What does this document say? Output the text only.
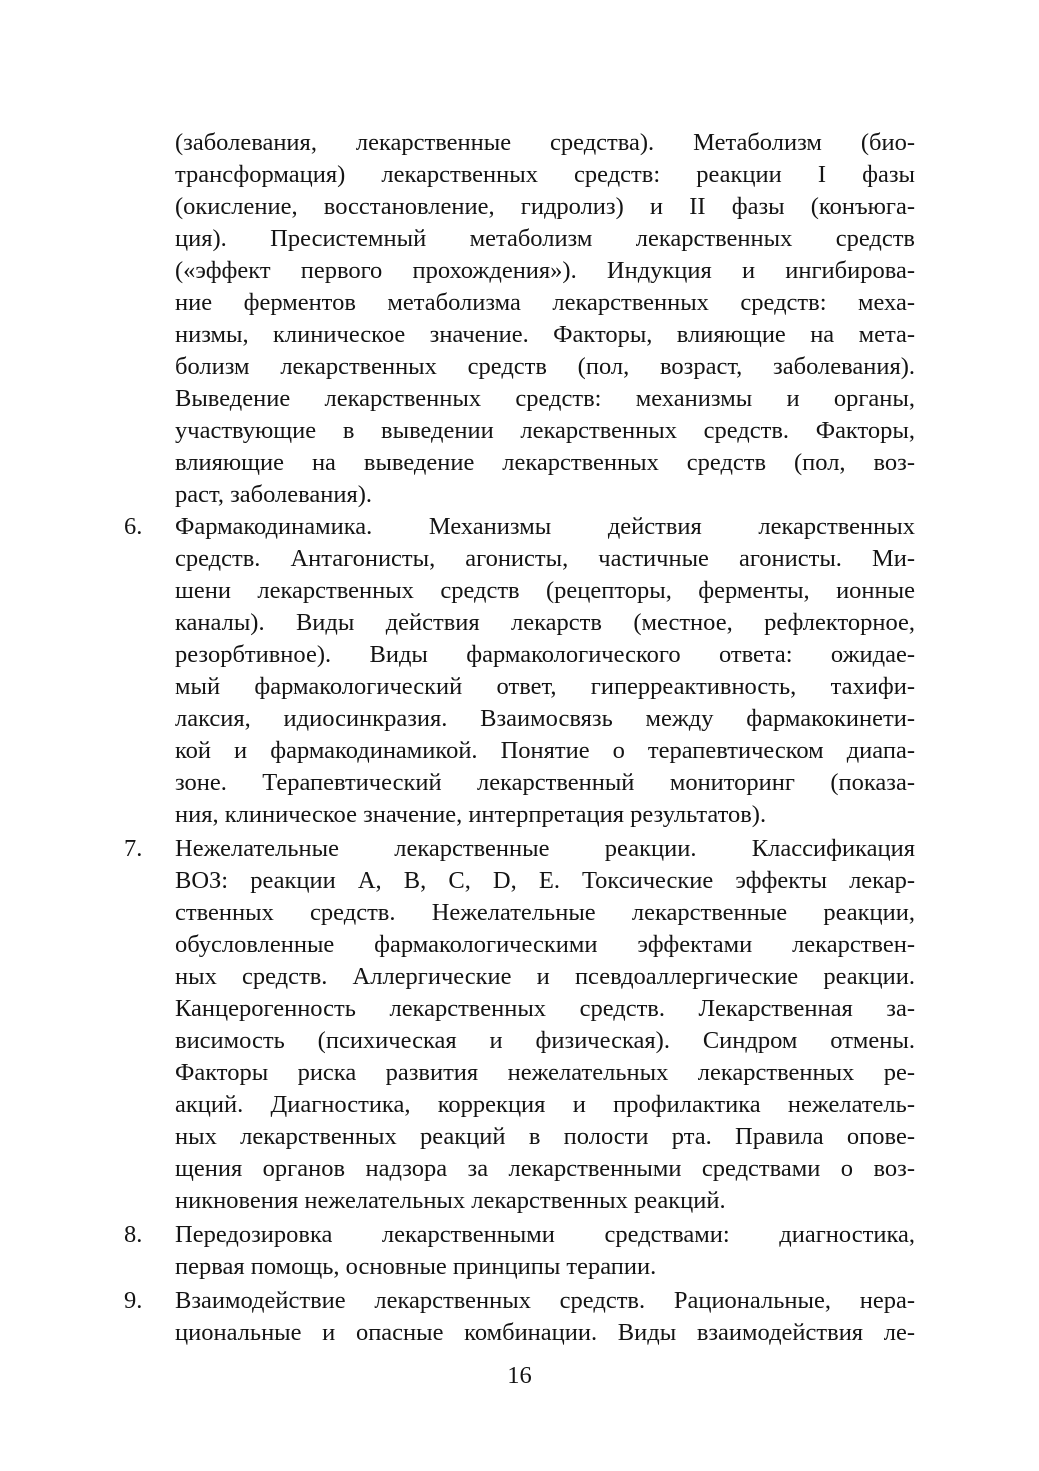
(заболевания, лекарственные средства). Метаболизм (био-
трансформация) лекарственных средств: реакции I фазы
(окисление, восстановление, гидролиз) и II фазы (конъюга-
ция). Пресистемный метаболизм лекарственных средств
(«эффект первого прохождения»). Индукция и ингибирова-
ние ферментов метаболизма лекарственных средств: меха-
низмы, клиническое значение. Факторы, влияющие на мета-
болизм лекарственных средств (пол, возраст, заболевания).
Выведение лекарственных средств: механизмы и органы,
участвующие в выведении лекарственных средств. Факторы,
влияющие на выведение лекарственных средств (пол, воз-
раст, заболевания).
6. Фармакодинамика. Механизмы действия лекарственных
средств. Антагонисты, агонисты, частичные агонисты. Ми-
шени лекарственных средств (рецепторы, ферменты, ионные
каналы). Виды действия лекарств (местное, рефлекторное,
резорбтивное). Виды фармакологического ответа: ожидае-
мый фармакологический ответ, гиперреактивность, тахифи-
лаксия, идиосинкразия. Взаимосвязь между фармакокинети-
кой и фармакодинамикой. Понятие о терапевтическом диапа-
зоне. Терапевтический лекарственный мониторинг (показа-
ния, клиническое значение, интерпретация результатов).
7. Нежелательные лекарственные реакции. Классификация
ВОЗ: реакции A, B, C, D, E. Токсические эффекты лекар-
ственных средств. Нежелательные лекарственные реакции,
обусловленные фармакологическими эффектами лекарствен-
ных средств. Аллергические и псевдоаллергические реакции.
Канцерогенность лекарственных средств. Лекарственная за-
висимость (психическая и физическая). Синдром отмены.
Факторы риска развития нежелательных лекарственных ре-
акций. Диагностика, коррекция и профилактика нежелатель-
ных лекарственных реакций в полости рта. Правила опове-
щения органов надзора за лекарственными средствами о воз-
никновения нежелательных лекарственных реакций.
8. Передозировка лекарственными средствами: диагностика,
первая помощь, основные принципы терапии.
9. Взаимодействие лекарственных средств. Рациональные, нера-
циональные и опасные комбинации. Виды взаимодействия ле-
16
